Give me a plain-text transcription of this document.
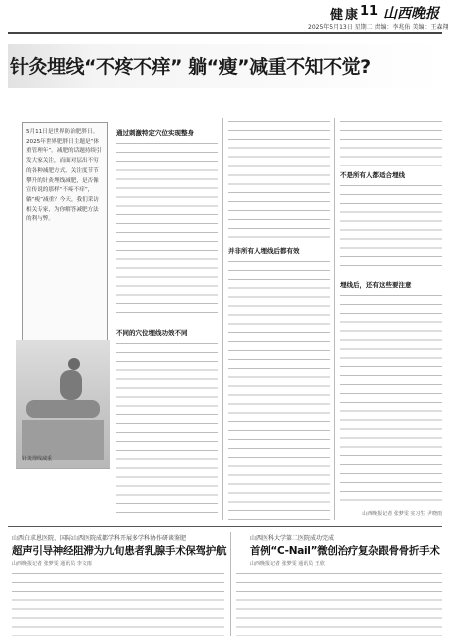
健康 11 山西晚报
2025年5月13日 星期二 责编：李兆佑 美编：王森翔
针灸埋线“不疼不痒” 躺“瘦”减重不知不觉?
5月11日是世界防治肥胖日。2025年世界肥胖日主题是“体重管理年”。减肥的话题持续引发大家关注，而面对层出不穷的各种减肥方式，关注度节节攀升的针灸埋线减肥，是否像宣传说的那样“不疼不痒”，躺“瘦”减重？今天，我们采访相关专家，为你解答减肥方法的利与弊。
通过刺激特定穴位实现整身
不同的穴位埋线功效不同
并非所有人埋线后都有效
不是所有人都适合埋线
埋线后，还有这些要注意
山西晚报记者 张梦雯 实习生 尹晓雨
山西白求恩医院、国际山西医院成都学科开展多学科协作研谈鉴肥
超声引导神经阻滞为九旬患者乳腺手术保驾护航
山西晚报记者 张梦雯 通讯员 李文雨
山西医科大学第二医院成功完成
首例“C-Nail”微创治疗复杂跟骨骨折手术
山西晚报记者 张梦雯 通讯员 王欣
针灸埋线减重
